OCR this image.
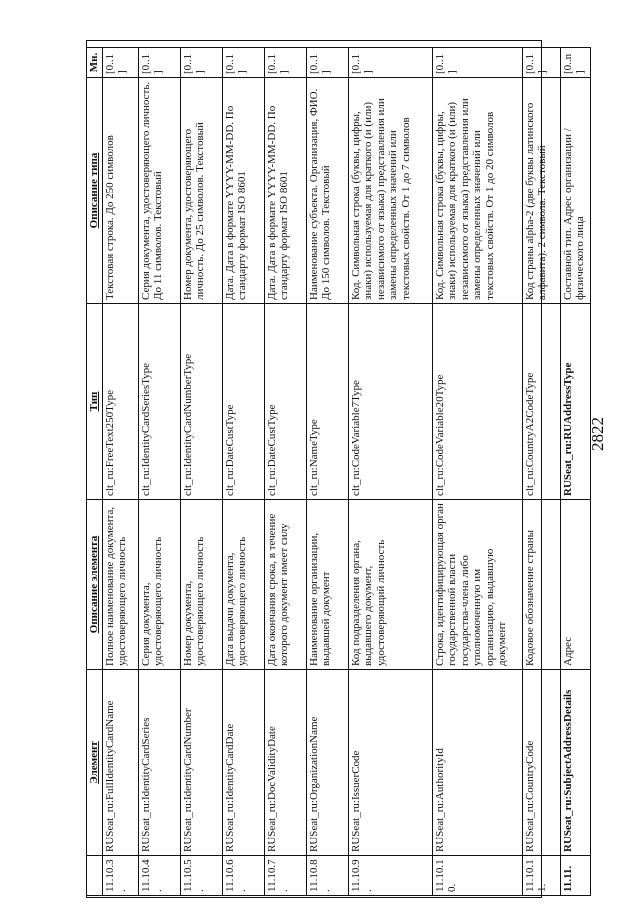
2822
	Элемент	Описание элемента	Тип	Описание типа	Мн.
11.10.3.	RUSeat_ru:FullIdentityCardName	Полное наименование документа, удостоверяющего личность	clt_ru:FreeText250Type	Текстовая строка. До 250 символов	[0..1]
11.10.4.	RUSeat_ru:IdentityCardSeries	Серия документа, удостоверяющего личность	clt_ru:IdentityCardSeriesType	Серия документа, удостоверяющего личность. До 11 символов. Текстовый	[0..1]
11.10.5.	RUSeat_ru:IdentityCardNumber	Номер документа, удостоверяющего личность	clt_ru:IdentityCardNumberType	Номер документа, удостоверяющего личность. До 25 символов. Текстовый	[0..1]
11.10.6.	RUSeat_ru:IdentityCardDate	Дата выдачи документа, удостоверяющего личность	clt_ru:DateCustType	Дата. Дата в формате YYYY-MM-DD. По стандарту формат ISO 8601	[0..1]
11.10.7.	RUSeat_ru:DocValidityDate	Дата окончания срока, в течение которого документ имеет силу	clt_ru:DateCustType	Дата. Дата в формате YYYY-MM-DD. По стандарту формат ISO 8601	[0..1]
11.10.8.	RUSeat_ru:OrganizationName	Наименование организации, выдавшей документ	clt_ru:NameType	Наименование субъекта. Организация, ФИО. До 150 символов. Текстовый	[0..1]
11.10.9.	RUSeat_ru:IssuerCode	Код подразделения органа, выдавшего документ, удостоверяющий личность	clt_ru:CodeVariable7Type	Код. Символьная строка (буквы, цифры, знаки) используемая для краткого (и (или) независимого от языка) представления или замены определенных значений или текстовых свойств. От 1 до 7 символов	[0..1]
11.10.10.	RUSeat_ru:AuthorityId	Строка, идентифицирующая орган государственной власти государства-члена либо уполномоченную им организацию, выдавшую документ	clt_ru:CodeVariable20Type	Код. Символьная строка (буквы, цифры, знаки) используемая для краткого (и (или) независимого от языка) представления или замены определенных значений или текстовых свойств. От 1 до 20 символов	[0..1]
11.10.11.	RUSeat_ru:CountryCode	Кодовое обозначение страны	clt_ru:CountryA2CodeType	Код страны alpha-2 (две буквы латинского алфавита). 2 символа. Текстовый	[0..1]
11.11.	RUSeat_ru:SubjectAddressDetails	Адрес	RUSeat_ru:RUAddressType	Составной тип. Адрес организации / физического лица	[0..n]
